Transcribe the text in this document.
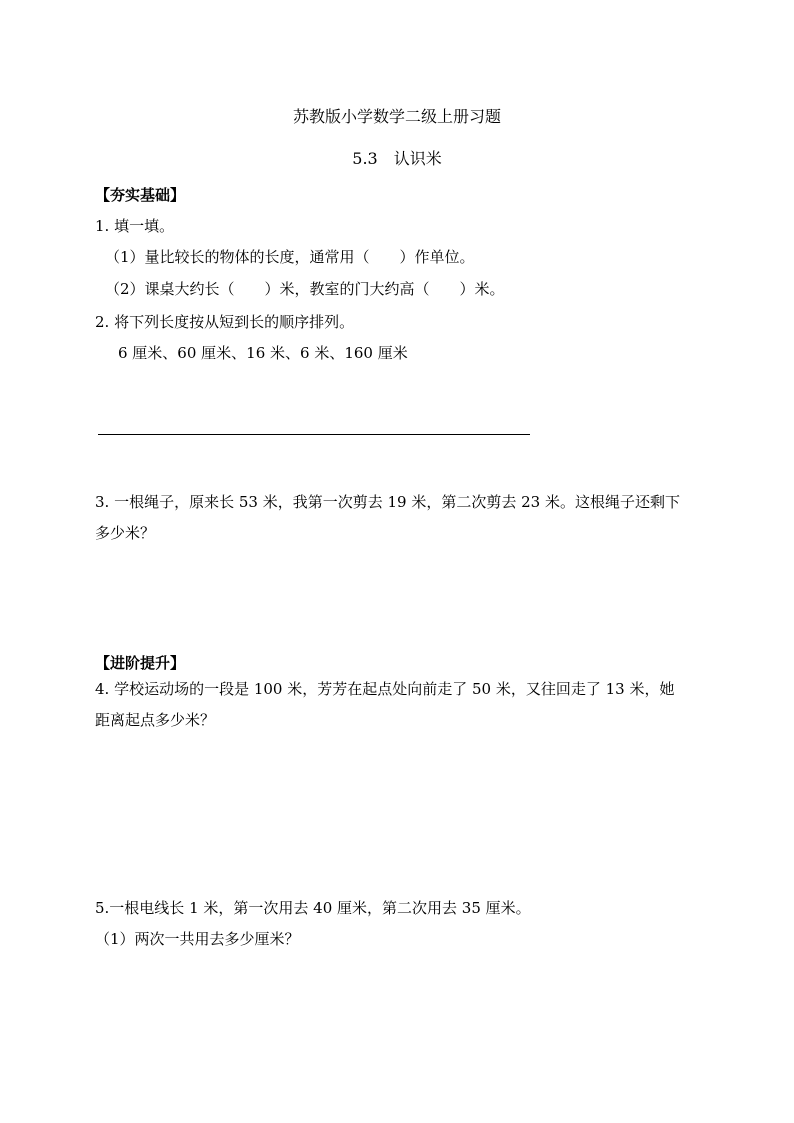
苏教版小学数学二级上册习题
5.3　认识米
【夯实基础】
1. 填一填。
（1）量比较长的物体的长度，通常用（　　）作单位。
（2）课桌大约长（　　）米，教室的门大约高（　　）米。
2. 将下列长度按从短到长的顺序排列。
6 厘米、60 厘米、16 米、6 米、160 厘米
3. 一根绳子，原来长 53 米，我第一次剪去 19 米，第二次剪去 23 米。这根绳子还剩下
多少米？
【进阶提升】
4. 学校运动场的一段是 100 米，芳芳在起点处向前走了 50 米，又往回走了 13 米，她
距离起点多少米？
5.一根电线长 1 米，第一次用去 40 厘米，第二次用去 35 厘米。
（1）两次一共用去多少厘米？
